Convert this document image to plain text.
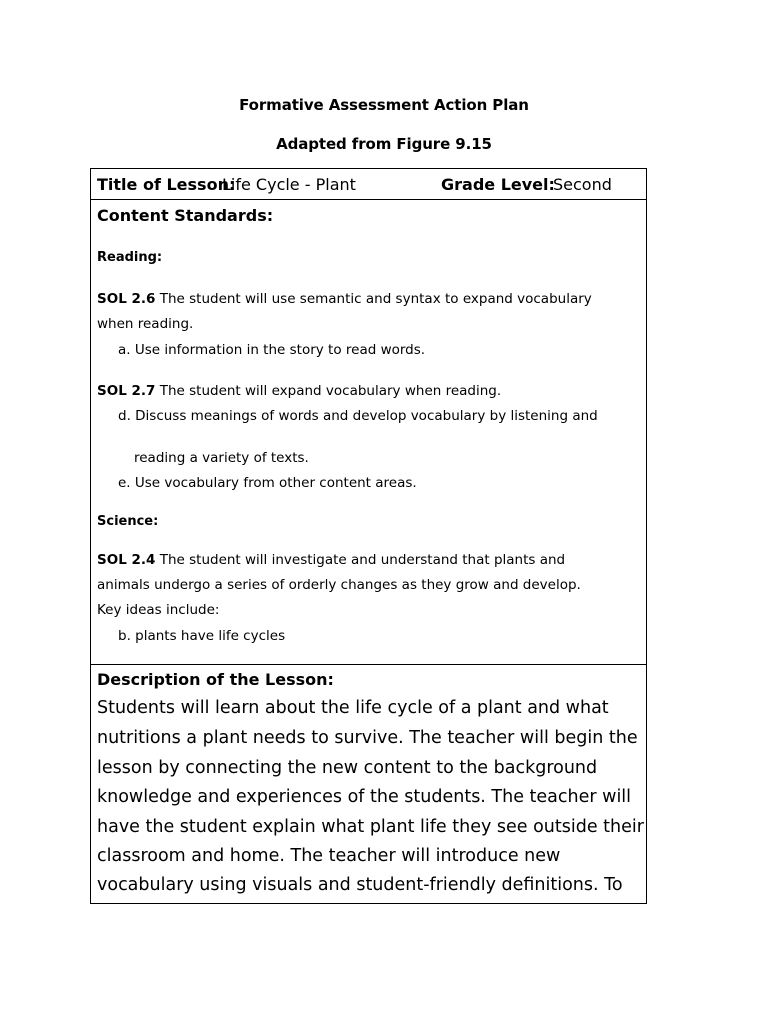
Formative Assessment Action Plan
Adapted from Figure 9.15
Title of Lesson:
Life Cycle - Plant	Grade Level:
Second
Content Standards:
Reading:
SOL 2.6 The student will use semantic and syntax to expand vocabulary
when reading.
a. Use information in the story to read words.
SOL 2.7 The student will expand vocabulary when reading.
d. Discuss meanings of words and develop vocabulary by listening and
reading a variety of texts.
e. Use vocabulary from other content areas.
Science:
SOL 2.4 The student will investigate and understand that plants and
animals undergo a series of orderly changes as they grow and develop.
Key ideas include:
b. plants have life cycles
Description of the Lesson:
Students will learn about the life cycle of a plant and what
nutritions a plant needs to survive. The teacher will begin the
lesson by connecting the new content to the background
knowledge and experiences of the students. The teacher will
have the student explain what plant life they see outside their
classroom and home. The teacher will introduce new
vocabulary using visuals and student-friendly definitions. To
